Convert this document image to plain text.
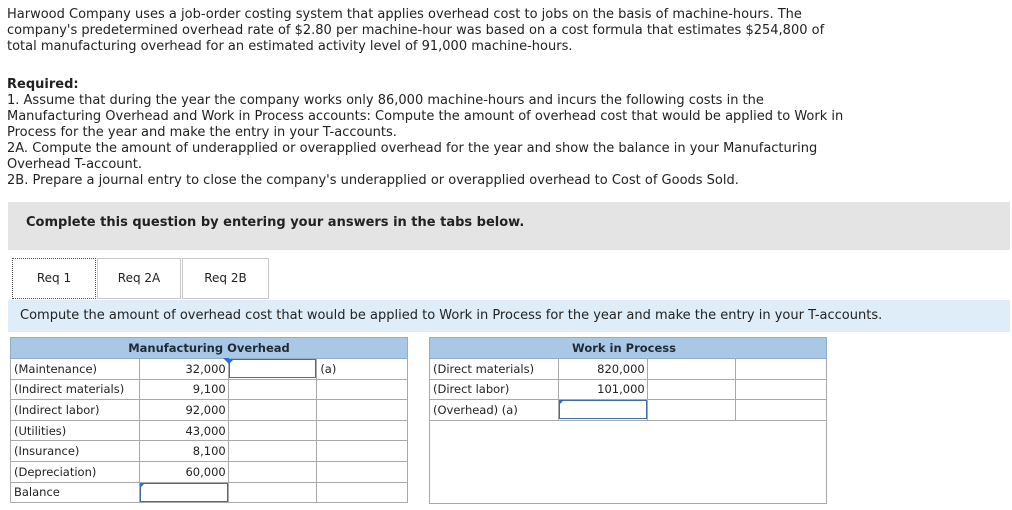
Harwood Company uses a job-order costing system that applies overhead cost to jobs on the basis of machine-hours. The company's predetermined overhead rate of $2.80 per machine-hour was based on a cost formula that estimates $254,800 of total manufacturing overhead for an estimated activity level of 91,000 machine-hours.

Required:

1. Assume that during the year the company works only 86,000 machine-hours and incurs the following costs in the Manufacturing Overhead and Work in Process accounts: Compute the amount of overhead cost that would be applied to Work in Process for the year and make the entry in your T-accounts.

2A. Compute the amount of underapplied or overapplied overhead for the year and show the balance in your Manufacturing Overhead T-account.

2B. Prepare a journal entry to close the company's underapplied or overapplied overhead to Cost of Goods Sold.

Complete this question by entering your answers in the tabs below.
Req 1	Req 2A	Req 2B
Compute the amount of overhead cost that would be applied to Work in Process for the year and make the entry in your T-accounts.
Manufacturing Overhead			
(Maintenance)	32,000		(a)
(Indirect materials)	9,100		
(Indirect labor)	92,000		
(Utilities)	43,000		
(Insurance)	8,100		
(Depreciation)	60,000		
Balance	

Work in Process			
(Direct materials)	820,000		
(Direct labor)	101,000		
(Overhead) (a)	
